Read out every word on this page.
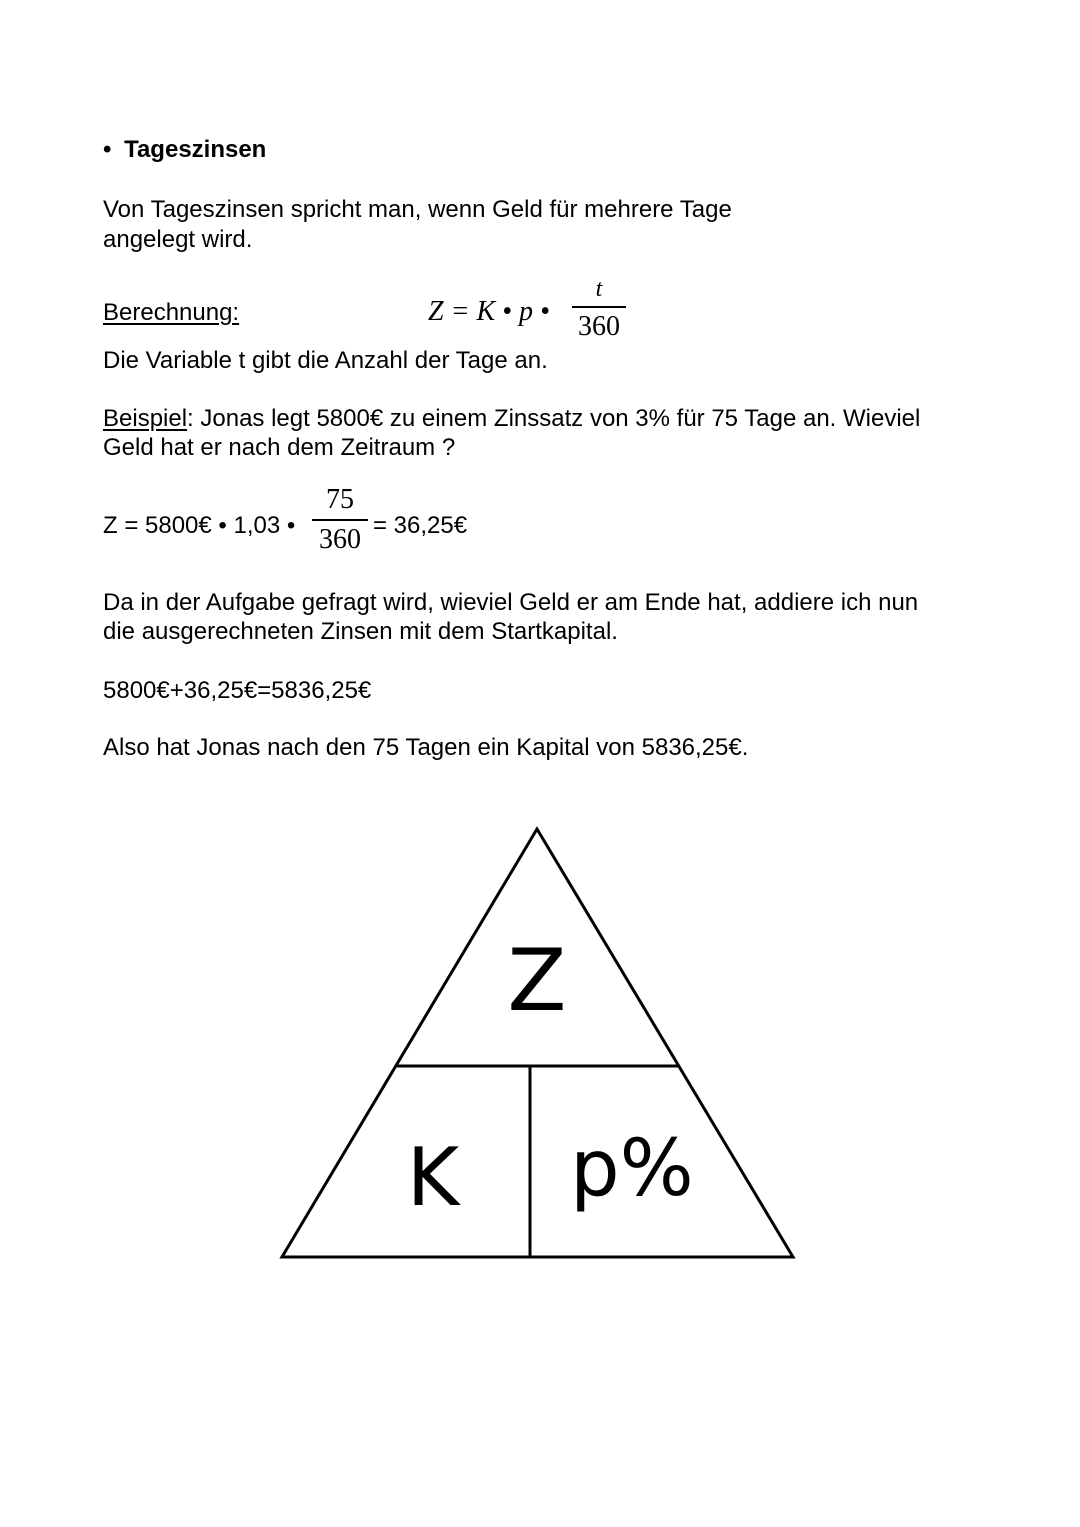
• Tageszinsen
Von Tageszinsen spricht man, wenn Geld für mehrere Tage
angelegt wird.
Berechnung:	Z = K • p •
t
360
Die Variable t gibt die Anzahl der Tage an.
Beispiel: Jonas legt 5800€ zu einem Zinssatz von 3% für 75 Tage an. Wieviel
Geld hat er nach dem Zeitraum ?
Z = 5800€ • 1,03 •
75
360 = 36,25€
Da in der Aufgabe gefragt wird, wieviel Geld er am Ende hat, addiere ich nun
die ausgerechneten Zinsen mit dem Startkapital.
5800€+36,25€=5836,25€
Also hat Jonas nach den 75 Tagen ein Kapital von 5836,25€.
Z
K p%
